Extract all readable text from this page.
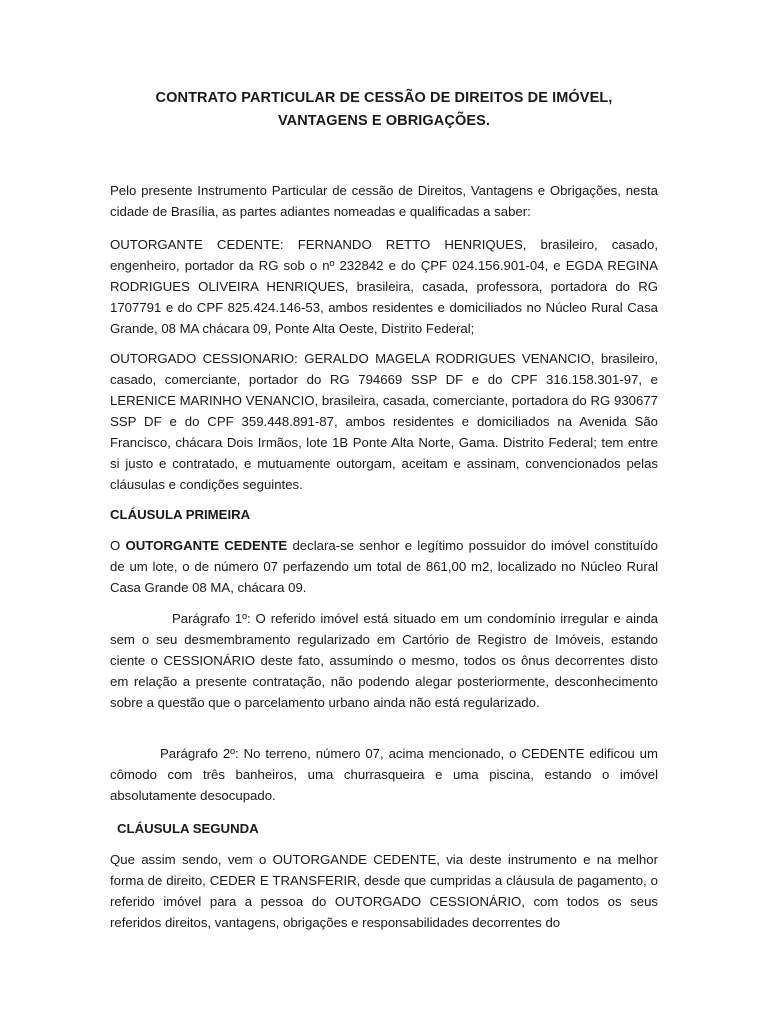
CONTRATO PARTICULAR DE CESSÃO DE DIREITOS DE IMÓVEL,
VANTAGENS E OBRIGAÇÕES.

Pelo presente Instrumento Particular de cessão de Direitos, Vantagens e Obrigações, nesta cidade de Brasília, as partes adiantes nomeadas e qualificadas a saber:

OUTORGANTE CEDENTE: FERNANDO RETTO HENRIQUES, brasileiro, casado, engenheiro, portador da RG sob o nº 232842 e do ÇPF 024.156.901-04, e EGDA REGINA RODRIGUES OLIVEIRA HENRIQUES, brasileira, casada, professora, portadora do RG 1707791 e do CPF 825.424.146-53, ambos residentes e domiciliados no Núcleo Rural Casa Grande, 08 MA chácara 09, Ponte Alta Oeste, Distrito Federal;

OUTORGADO CESSIONARIO: GERALDO MAGELA RODRIGUES VENANCIO, brasileiro, casado, comerciante, portador do RG 794669 SSP DF e do CPF 316.158.301-97, e LERENICE MARINHO VENANCIO, brasileira, casada, comerciante, portadora do RG 930677 SSP DF e do CPF 359.448.891-87, ambos residentes e domiciliados na Avenida São Francisco, chácara Dois Irmãos, lote 1B Ponte Alta Norte, Gama. Distrito Federal; tem entre si justo e contratado, e mutuamente outorgam, aceitam e assinam, convencionados pelas cláusulas e condições seguintes.

CLÁUSULA PRIMEIRA

O OUTORGANTE CEDENTE declara-se senhor e legítimo possuidor do imóvel constituído de um lote, o de número 07 perfazendo um total de 861,00 m2, localizado no Núcleo Rural Casa Grande 08 MA, chácara 09.

Parágrafo 1º: O referido imóvel está situado em um condomínio irregular e ainda sem o seu desmembramento regularizado em Cartório de Registro de Imóveis, estando ciente o CESSIONÁRIO deste fato, assumindo o mesmo, todos os ônus decorrentes disto em relação a presente contratação, não podendo alegar posteriormente, desconhecimento sobre a questão que o parcelamento urbano ainda não está regularizado.

Parágrafo 2º: No terreno, número 07, acima mencionado, o CEDENTE edificou um cômodo com três banheiros, uma churrasqueira e uma piscina, estando o imóvel absolutamente desocupado.

CLÁUSULA SEGUNDA

Que assim sendo, vem o OUTORGANDE CEDENTE, via deste instrumento e na melhor forma de direito, CEDER E TRANSFERIR, desde que cumpridas a cláusula de pagamento, o referido imóvel para a pessoa do OUTORGADO CESSIONÁRIO, com todos os seus referidos direitos, vantagens, obrigações e responsabilidades decorrentes do
